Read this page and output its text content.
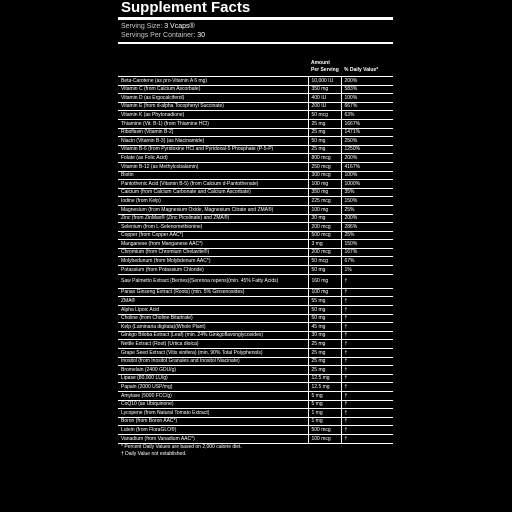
Supplement Facts
Serving Size: 3 Vcaps®
Servings Per Container: 30
	Amount Per Serving	% Daily Value*
Beta-Carotene (as pro-Vitamin A 6 mg)	10,000 IU	200%
Vitamin C (from Calcium Ascorbate)	350 mg	583%
Vitamin D (as Ergocalciferol)	400 IU	100%
Vitamin E (from d-alpha Tocopheryl Succinate)	200 IU	667%
Vitamin K (as Phytonadione)	50 mcg	63%
Thiamine (Vit. B-1) (from Thiamine HCl)	25 mg	1667%
Riboflavin (Vitamin B-2)	25 mg	1471%
Niacin (Vitamin B-3) (as Niacinamide)	50 mg	250%
Vitamin B-6 (from Pyridoxine HCl and Pyridoxal-5 Phosphate (P-5-P)	25 mg	1250%
Folate (as Folic Acid)	800 mcg	200%
Vitamin B-12 (as Methylcobalamin)	250 mcg	4167%
Biotin	300 mcg	100%
Pantothenic Acid (Vitamin B-5) (from Calcium d-Pantothenate)	100 mg	1000%
Calcium (from Calcium Carbonate and Calcium Ascorbate)	350 mg	35%
Iodine (from Kelp)	225 mcg	150%
Magnesium (from Magnesium Oxide, Magnesium Citrate and ZMA®)	100 mg	25%
Zinc (from ZinMax® (Zinc Picolinate) and ZMA®)	30 mg	200%
Selenium (from L-Selenomethionine)	200 mcg	286%
Copper (from Copper AAC*)	500 mcg	25%
Manganese (from Manganese AAC*)	3 mg	150%
Chromium (from Chromium Chelavite®)	200 mcg	167%
Molybedunum (from Molybdenum AAC*)	50 mcg	67%
Potassium (from Potassium Chloride)	50 mg	1%
Saw Palmetto Extract (Berries)(Serenoa repens)(min. 45% Fatty Acids)	160 mg	†
Panax Ginseng Extract (Roots) (min. 5% Ginsenosides)	100 mg	†
ZMA®	55 mg	†
Alpha Lipoic Acid	50 mg	†
Choline (from Choline Bitartrate)	50 mg	†
Kelp (Laminaria digitata)(Whole Plant)	45 mg	†
Ginkgo Biloba Extract (Leaf) (min. 24% Ginkgoflavonglycosides)	30 mg	†
Nettle Extract (Root) (Urtica dioica)	25 mg	†
Grape Seed Extract (Vitis vinifera) (min. 90% Total Polyphenols)	25 mg	†
Inositol (from Inositol Granules and Inositol Niacinate)	25 mg	†
Bromelain (2400 GDU/g)	25 mg	†
Lipase (80,000 LU/g)	12.5 mg	†
Papain (2000 USP/mg)	12.5 mg	†
Amylase (5000 FCC/g)	5 mg	†
CoQ10 (as Ubiquinone)	5 mg	†
Lycopene (from Natural Tomato Extract)	1 mg	†
Boron (from Boron AAC*)	1 mg	†
Lutein (from FloraGLO®)	500 mcg	†
Vanadium (from Vanadium AAC*)	100 mcg	†
* Percent Daily Values are based on 2,000 calorie diet.
† Daily Value not established.
